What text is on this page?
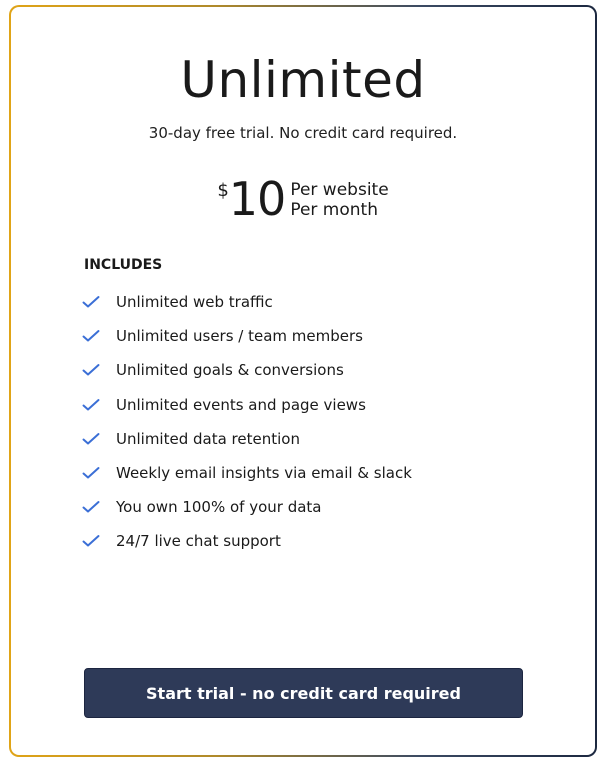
Unlimited

30-day free trial. No credit card required.

$ 10 Per website
Per month
INCLUDES
Unlimited web traffic
Unlimited users / team members
Unlimited goals & conversions
Unlimited events and page views
Unlimited data retention
Weekly email insights via email & slack
You own 100% of your data
24/7 live chat support
Start trial - no credit card required
